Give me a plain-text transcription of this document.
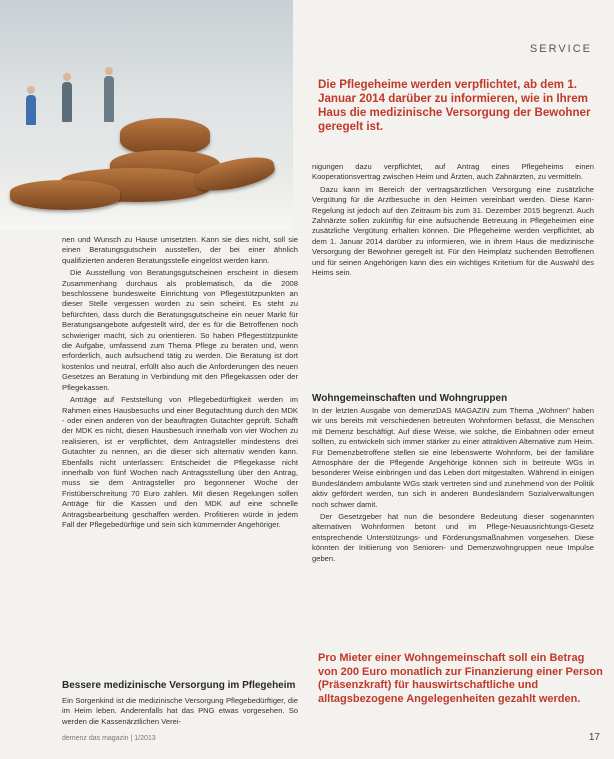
SERVICE
Die Pflegeheime werden verpflichtet, ab dem 1. Januar 2014 darüber zu informieren, wie in Ihrem Haus die medizinische Versorgung der Bewohner geregelt ist.

nen und Wunsch zu Hause umsetzten. Kann sie dies nicht, soll sie einen Beratungsgutschein ausstellen, der bei einer ähnlich qualifizierten anderen Beratungsstelle eingelöst werden kann.

Die Ausstellung von Beratungsgutscheinen erscheint in diesem Zusammenhang durchaus als problematisch, da die 2008 beschlossene bundesweite Einrichtung von Pflegestützpunkten an dieser Stelle vergessen worden zu sein scheint. Es steht zu befürchten, dass durch die Beratungsgutscheine ein neuer Markt für Beratungsangebote aufgestellt wird, der es für die Betroffenen noch schwieriger macht, sich zu orientieren. So haben Pflegestützpunkte die Aufgabe, umfassend zum Thema Pflege zu beraten und, wenn erforderlich, auch aufsuchend tätig zu werden. Die Beratung ist dort kostenlos und neutral, erfüllt also auch die Anforderungen des neuen Gesetzes an Beratung in Verbindung mit den Pflegekassen oder der Pflegekassen.

Anträge auf Feststellung von Pflegebedürftigkeit werden im Rahmen eines Hausbesuchs und einer Begutachtung durch den MDK - oder einen anderen von der beauftragten Gutachter geprüft. Schafft der MDK es nicht, diesen Hausbesuch innerhalb von vier Wochen zu realisieren, ist er verpflichtet, dem Antragsteller mindestens drei Gutachter zu nennen, an die dieser sich alternativ wenden kann. Ebenfalls nicht unterlassen: Entscheidet die Pflegekasse nicht innerhalb von fünf Wochen nach Antragsstellung über den Antrag, muss sie dem Antragsteller pro begonnener Woche der Fristüberschreitung 70 Euro zahlen. Mit diesen Regelungen sollen Anträge für die Kassen und den MDK auf eine schnelle Antragsbearbeitung geschaffen werden. Profitieren würde in jedem Fall der Pflegebedürftige und sein sich kümmernder Angehöriger.

Bessere medizinische Versorgung im Pflegeheim

Ein Sorgenkind ist die medizinische Versorgung Pflegebedürftiger, die im Heim leben. Anderenfalls hat das PNG etwas vorgesehen. So werden die Kassenärztlichen Verei-

nigungen dazu verpflichtet, auf Antrag eines Pflegeheims einen Kooperationsvertrag zwischen Heim und Ärzten, auch Zahnärzten, zu vermitteln.

Dazu kann im Bereich der vertragsärztlichen Versorgung eine zusätzliche Vergütung für die Arztbesuche in den Heimen vereinbart werden. Diese Kann-Regelung ist jedoch auf den Zeitraum bis zum 31. Dezember 2015 begrenzt. Auch Zahnärzte sollen zukünftig für eine aufsuchende Betreuung in Pflegeheimen eine zusätzliche Vergütung erhalten können. Die Pflegeheime werden verpflichtet, ab dem 1. Januar 2014 darüber zu informieren, wie in ihrem Haus die medizinische Versorgung der Bewohner geregelt ist. Für den Heimplatz suchenden Betroffenen und für seinen Angehörigen kann dies ein wichtiges Kriterium für die Auswahl des Heims sein.

Wohngemeinschaften und Wohngruppen

In der letzten Ausgabe von demenzDAS MAGAZIN zum Thema „Wohnen" haben wir uns bereits mit verschiedenen betreuten Wohnformen befasst, die Menschen mit Demenz beschäftigt. Auf diese Weise, wie solche, die Einbahnen oder erneut sollten, zu entwickeln sich immer stärker zu einer attraktiven Alternative zum Heim. Für Demenzbetroffene stellen sie eine lebenswerte Wohnform, bei der familiäre Atmosphäre der die Pflegende Angehörige können sich in betreute WGs in besonderer Weise einbringen und das Leben dort mitgestalten. Während in einigen Bundesländern ambulante WGs stark vertreten sind und zunehmend von der Politik aktiv gefördert werden, tun sich in anderen Bundesländern Sozialverwaltungen noch schwer damit.

Der Gesetzgeber hat nun die besondere Bedeutung dieser sogenannten alternativen Wohnformen betont und im Pflege-Neuausrichtungs-Gesetz entsprechende Unterstützungs- und Förderungsmaßnahmen vorgesehen. Diese könnten der Initiierung von Senioren- und Demenzwohngruppen neue Impulse geben.

Pro Mieter einer Wohngemeinschaft soll ein Betrag von 200 Euro monatlich zur Finanzierung einer Person (Präsenzkraft) für hauswirtschaftliche und alltagsbezogene Angelegenheiten gezahlt werden.
demenz das magazin | 1/2013	17
